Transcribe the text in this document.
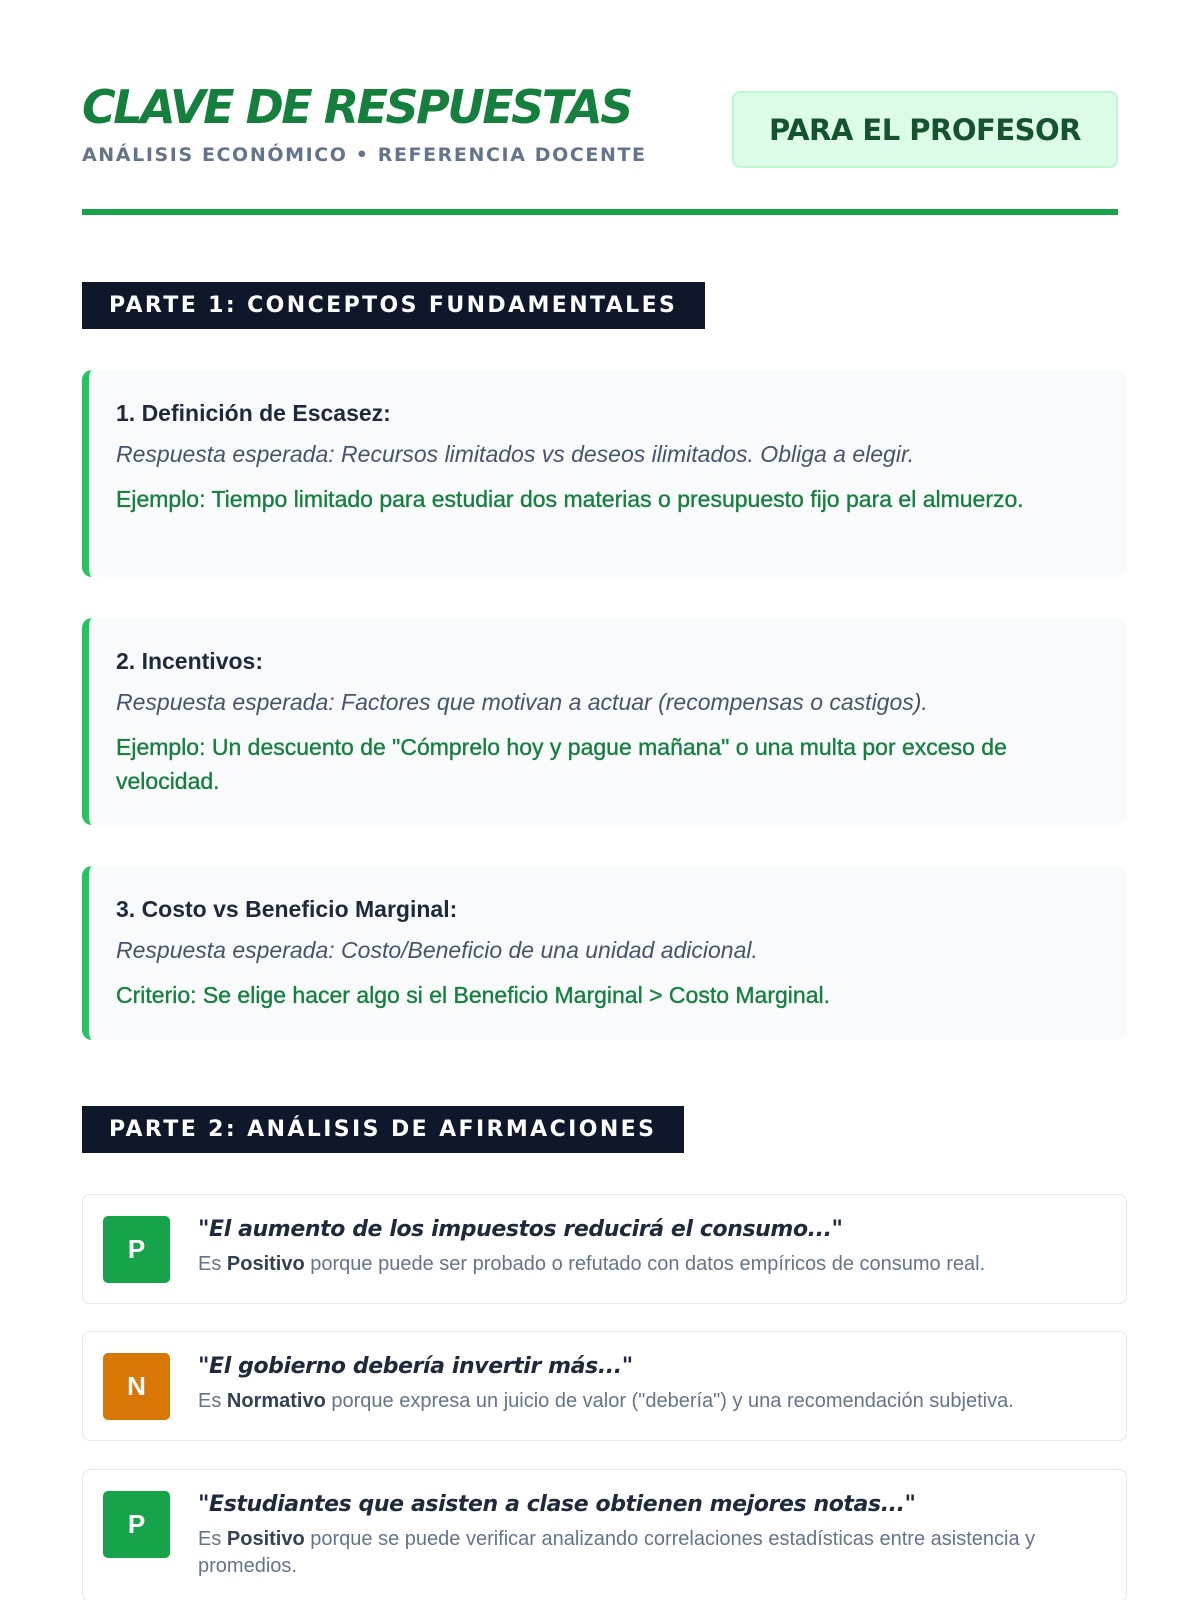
CLAVE DE RESPUESTAS
ANÁLISIS ECONÓMICO • REFERENCIA DOCENTE
PARA EL PROFESOR
PARTE 1: CONCEPTOS FUNDAMENTALES
1. Definición de Escasez:
Respuesta esperada: Recursos limitados vs deseos ilimitados. Obliga a elegir.
Ejemplo: Tiempo limitado para estudiar dos materias o presupuesto fijo para el almuerzo.
2. Incentivos:
Respuesta esperada: Factores que motivan a actuar (recompensas o castigos).
Ejemplo: Un descuento de "Cómprelo hoy y pague mañana" o una multa por exceso de velocidad.
3. Costo vs Beneficio Marginal:
Respuesta esperada: Costo/Beneficio de una unidad adicional.
Criterio: Se elige hacer algo si el Beneficio Marginal > Costo Marginal.
PARTE 2: ANÁLISIS DE AFIRMACIONES
P
"El aumento de los impuestos reducirá el consumo..."
Es Positivo porque puede ser probado o refutado con datos empíricos de consumo real.
N
"El gobierno debería invertir más..."
Es Normativo porque expresa un juicio de valor ("debería") y una recomendación subjetiva.
P
"Estudiantes que asisten a clase obtienen mejores notas..."
Es Positivo porque se puede verificar analizando correlaciones estadísticas entre asistencia y promedios.
